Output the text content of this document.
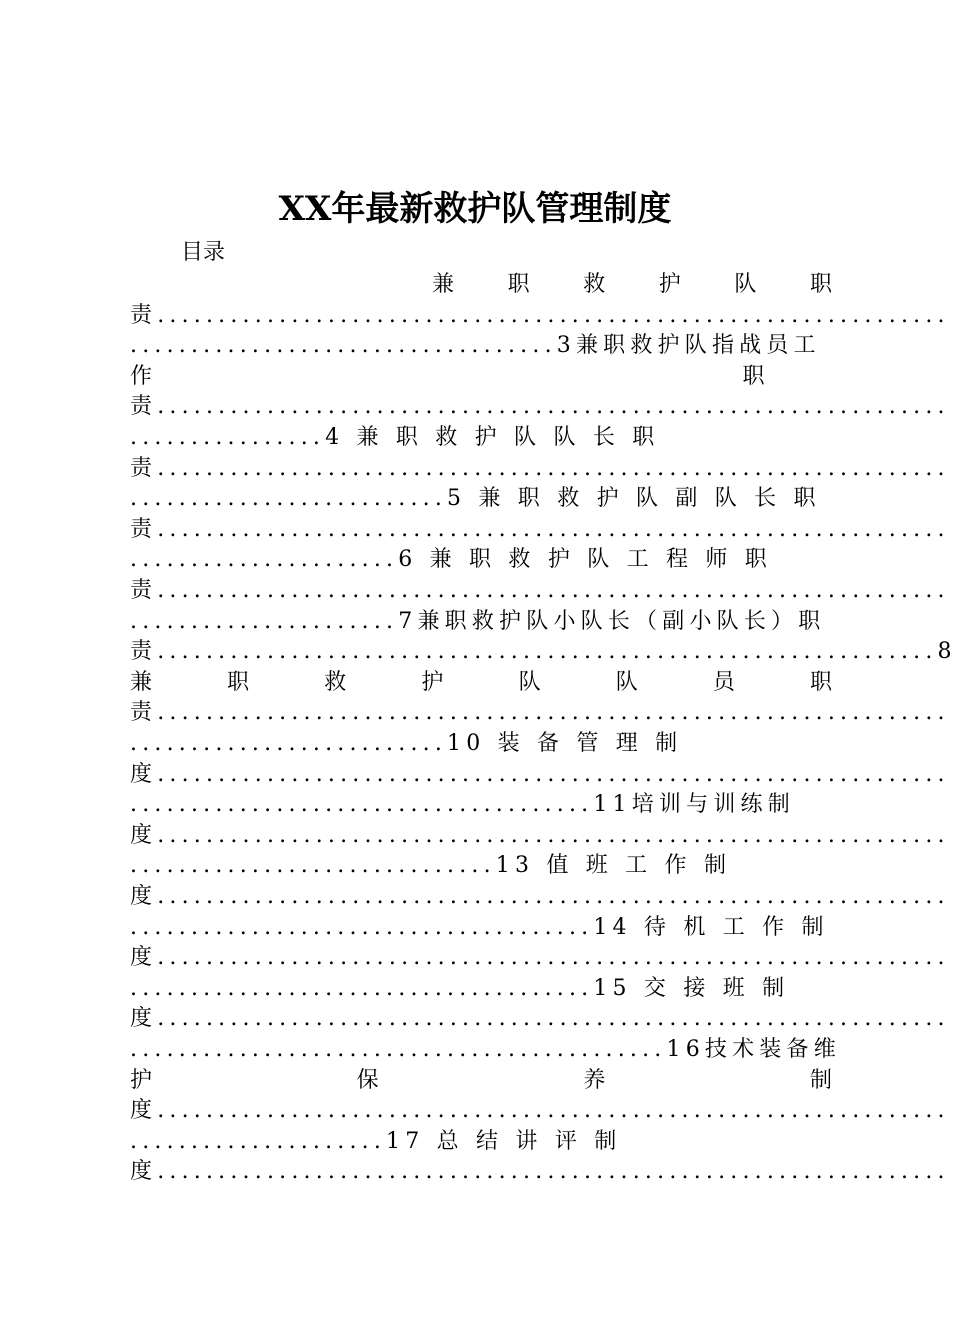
XX年最新救护队管理制度
目录
兼 职 救 护 队 职
责.................................................................
...................................3兼职救护队指战员工
作                                                职
责.................................................................
................4 兼 职 救 护 队 队 长 职
责.................................................................
..........................5 兼 职 救 护 队 副 队 长 职
责.................................................................
......................6 兼 职 救 护 队 工 程 师 职
责.................................................................
......................7兼职救护队小队长（副小队长）职
责................................................................8
兼	职	救	护	队	队	员	职
责.................................................................
..........................10 装 备 管 理 制
度.................................................................
......................................11培训与训练制
度.................................................................
..............................13 值 班 工 作 制
度.................................................................
......................................14 待 机 工 作 制
度.................................................................
......................................15 交 接 班 制
度.................................................................
............................................16技术装备维
护	保	养	制
度.................................................................
.....................17 总 结 讲 评 制
度.................................................................
